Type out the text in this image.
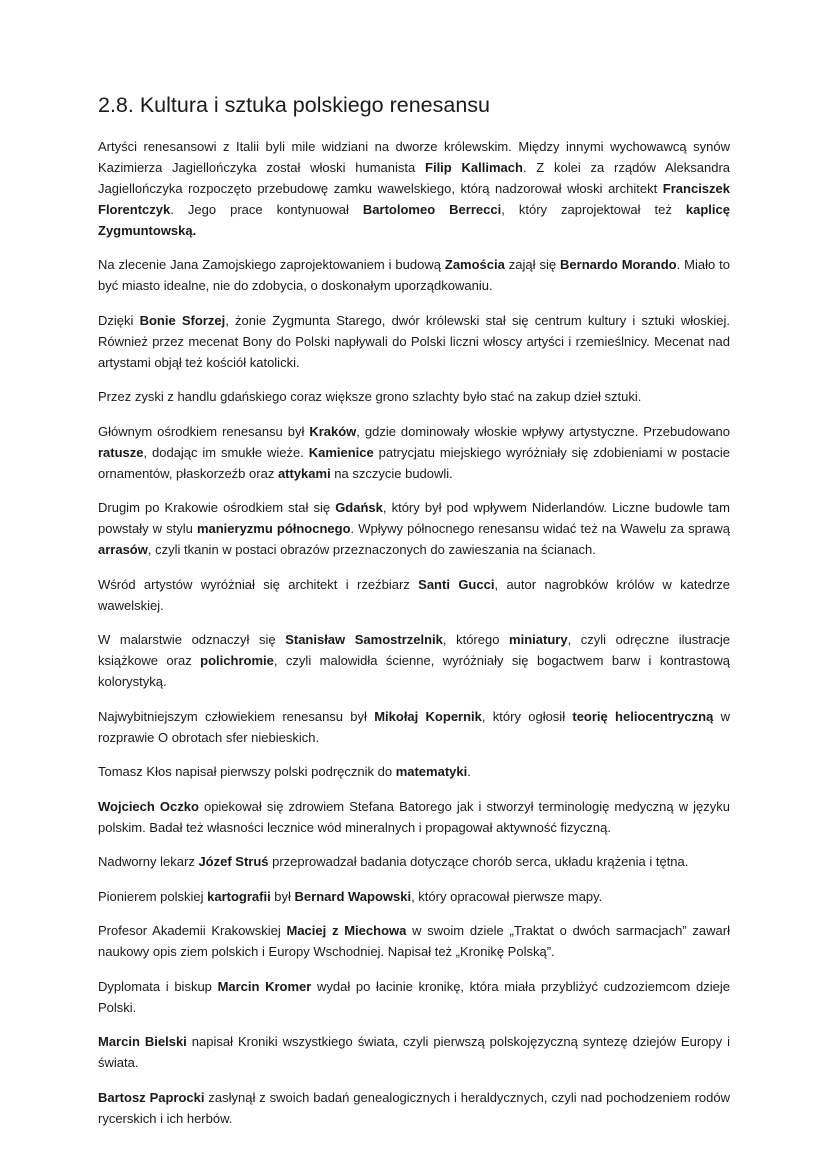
2.8. Kultura i sztuka polskiego renesansu

Artyści renesansowi z Italii byli mile widziani na dworze królewskim. Między innymi wychowawcą synów Kazimierza Jagiellończyka został włoski humanista Filip Kallimach. Z kolei za rządów Aleksandra Jagiellończyka rozpoczęto przebudowę zamku wawelskiego, którą nadzorował włoski architekt Franciszek Florentczyk. Jego prace kontynuował Bartolomeo Berrecci, który zaprojektował też kaplicę Zygmuntowską.

Na zlecenie Jana Zamojskiego zaprojektowaniem i budową Zamościa zajął się Bernardo Morando. Miało to być miasto idealne, nie do zdobycia, o doskonałym uporządkowaniu.

Dzięki Bonie Sforzej, żonie Zygmunta Starego, dwór królewski stał się centrum kultury i sztuki włoskiej. Również przez mecenat Bony do Polski napływali do Polski liczni włoscy artyści i rzemieślnicy. Mecenat nad artystami objął też kościół katolicki.

Przez zyski z handlu gdańskiego coraz większe grono szlachty było stać na zakup dzieł sztuki.

Głównym ośrodkiem renesansu był Kraków, gdzie dominowały włoskie wpływy artystyczne. Przebudowano ratusze, dodając im smukłe wieże. Kamienice patrycjatu miejskiego wyróżniały się zdobieniami w postacie ornamentów, płaskorzeźb oraz attykami na szczycie budowli.

Drugim po Krakowie ośrodkiem stał się Gdańsk, który był pod wpływem Niderlandów. Liczne budowle tam powstały w stylu manieryzmu północnego. Wpływy północnego renesansu widać też na Wawelu za sprawą arrasów, czyli tkanin w postaci obrazów przeznaczonych do zawieszania na ścianach.

Wśród artystów wyróżniał się architekt i rzeźbiarz Santi Gucci, autor nagrobków królów w katedrze wawelskiej.

W malarstwie odznaczył się Stanisław Samostrzelnik, którego miniatury, czyli odręczne ilustracje książkowe oraz polichromie, czyli malowidła ścienne, wyróżniały się bogactwem barw i kontrastową kolorystyką.

Najwybitniejszym człowiekiem renesansu był Mikołaj Kopernik, który ogłosił teorię heliocentryczną w rozprawie O obrotach sfer niebieskich.

Tomasz Kłos napisał pierwszy polski podręcznik do matematyki.

Wojciech Oczko opiekował się zdrowiem Stefana Batorego jak i stworzył terminologię medyczną w języku polskim. Badał też własności lecznice wód mineralnych i propagował aktywność fizyczną.

Nadworny lekarz Józef Struś przeprowadzał badania dotyczące chorób serca, układu krążenia i tętna.

Pionierem polskiej kartografii był Bernard Wapowski, który opracował pierwsze mapy.

Profesor Akademii Krakowskiej Maciej z Miechowa w swoim dziele „Traktat o dwóch sarmacjach” zawarł naukowy opis ziem polskich i Europy Wschodniej. Napisał też „Kronikę Polską”.

Dyplomata i biskup Marcin Kromer wydał po łacinie kronikę, która miała przybliżyć cudzoziemcom dzieje Polski.

Marcin Bielski napisał Kroniki wszystkiego świata, czyli pierwszą polskojęzyczną syntezę dziejów Europy i świata.

Bartosz Paprocki zasłynął z swoich badań genealogicznych i heraldycznych, czyli nad pochodzeniem rodów rycerskich i ich herbów.
